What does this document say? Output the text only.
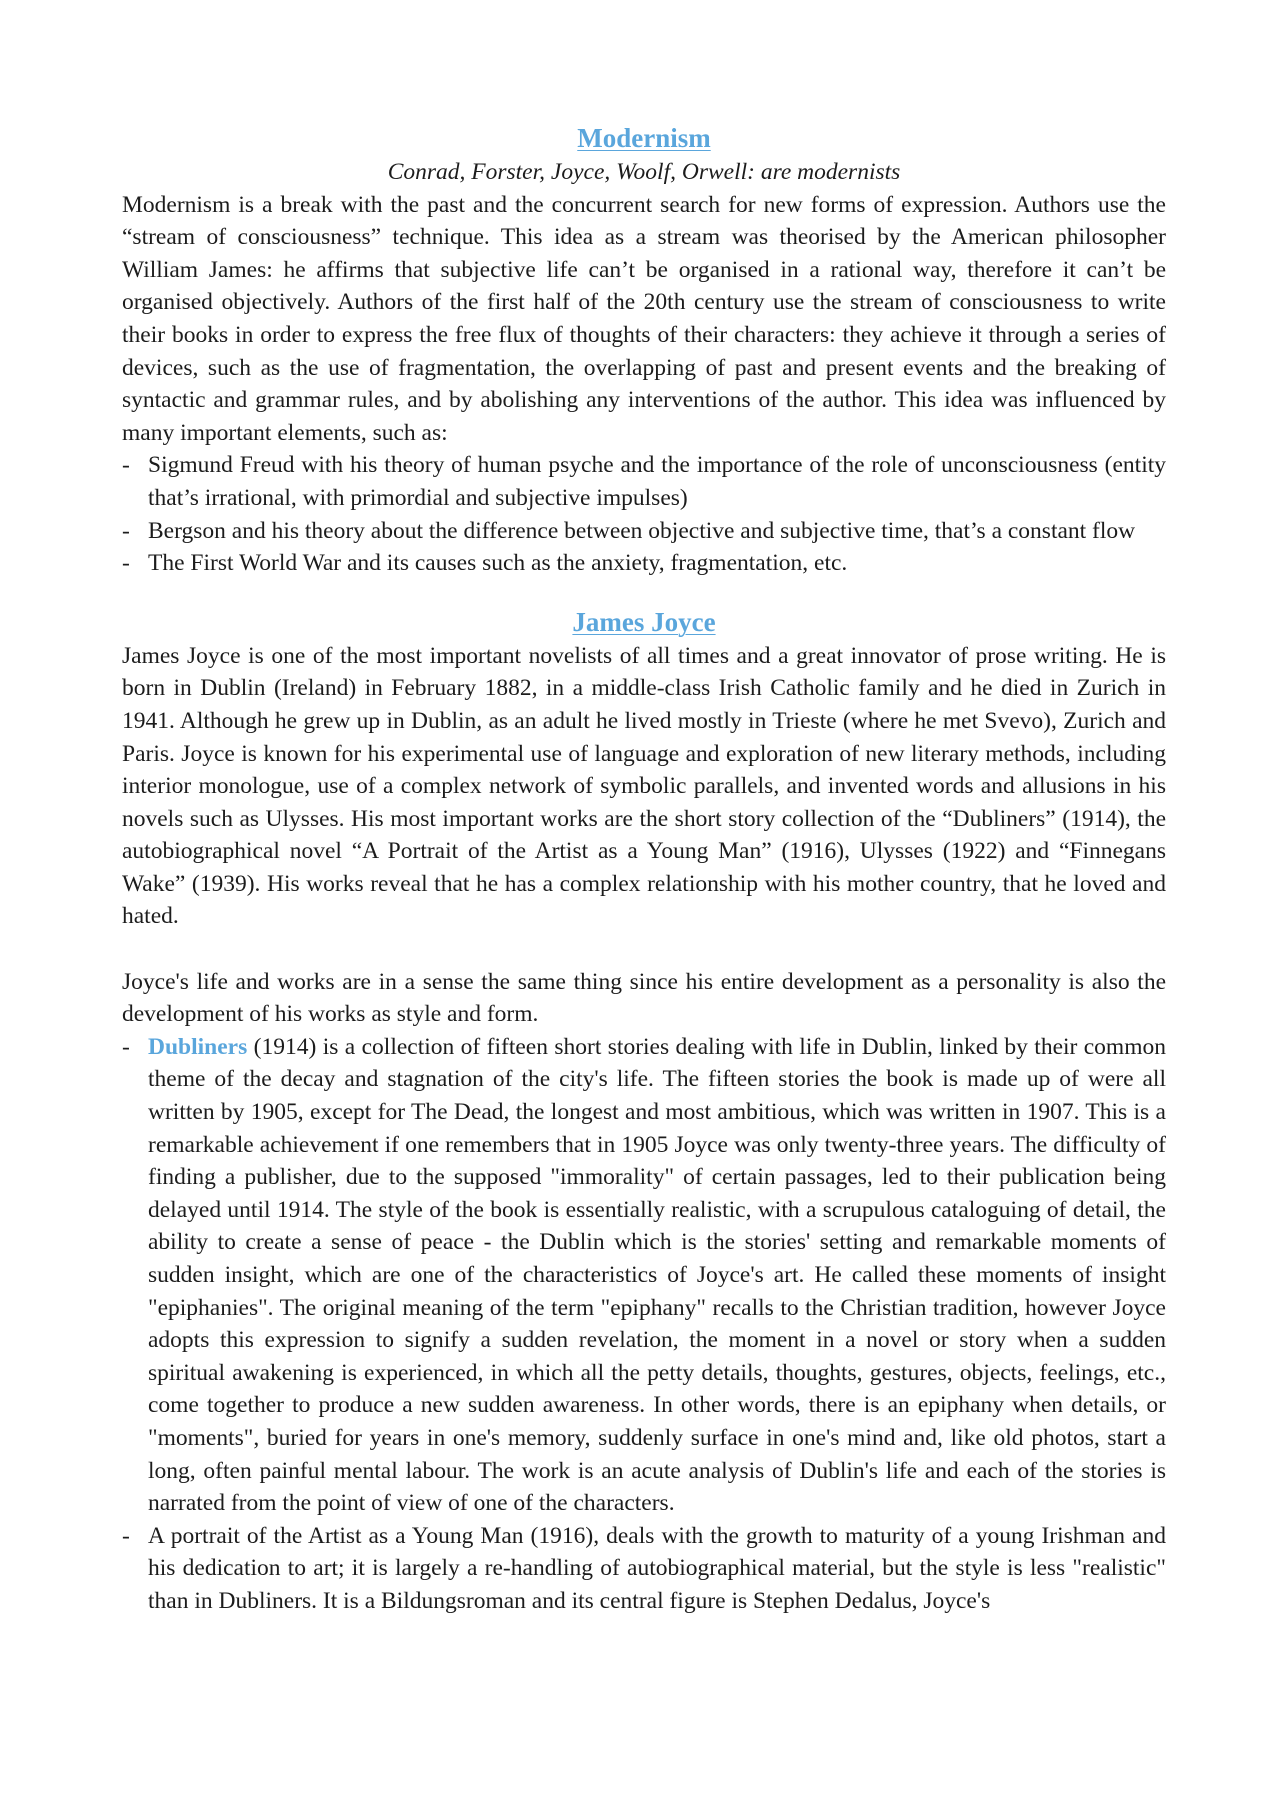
Modernism

Conrad, Forster, Joyce, Woolf, Orwell: are modernists

Modernism is a break with the past and the concurrent search for new forms of expression. Authors use the “stream of consciousness” technique. This idea as a stream was theorised by the American philosopher William James: he affirms that subjective life can’t be organised in a rational way, therefore it can’t be organised objectively. Authors of the first half of the 20th century use the stream of consciousness to write their books in order to express the free flux of thoughts of their characters: they achieve it through a series of devices, such as the use of fragmentation, the overlapping of past and present events and the breaking of syntactic and grammar rules, and by abolishing any interventions of the author. This idea was influenced by many important elements, such as:

- Sigmund Freud with his theory of human psyche and the importance of the role of unconsciousness (entity that’s irrational, with primordial and subjective impulses)
- Bergson and his theory about the difference between objective and subjective time, that’s a constant flow
- The First World War and its causes such as the anxiety, fragmentation, etc.
James Joyce

James Joyce is one of the most important novelists of all times and a great innovator of prose writing. He is born in Dublin (Ireland) in February 1882, in a middle-class Irish Catholic family and he died in Zurich in 1941. Although he grew up in Dublin, as an adult he lived mostly in Trieste (where he met Svevo), Zurich and Paris. Joyce is known for his experimental use of language and exploration of new literary methods, including interior monologue, use of a complex network of symbolic parallels, and invented words and allusions in his novels such as Ulysses. His most important works are the short story collection of the “Dubliners” (1914), the autobiographical novel “A Portrait of the Artist as a Young Man” (1916), Ulysses (1922) and “Finnegans Wake” (1939). His works reveal that he has a complex relationship with his mother country, that he loved and hated.

Joyce's life and works are in a sense the same thing since his entire development as a personality is also the development of his works as style and form.

- Dubliners (1914) is a collection of fifteen short stories dealing with life in Dublin, linked by their common theme of the decay and stagnation of the city's life. The fifteen stories the book is made up of were all written by 1905, except for The Dead, the longest and most ambitious, which was written in 1907. This is a remarkable achievement if one remembers that in 1905 Joyce was only twenty-three years. The difficulty of finding a publisher, due to the supposed "immorality" of certain passages, led to their publication being delayed until 1914. The style of the book is essentially realistic, with a scrupulous cataloguing of detail, the ability to create a sense of peace - the Dublin which is the stories' setting and remarkable moments of sudden insight, which are one of the characteristics of Joyce's art. He called these moments of insight "epiphanies". The original meaning of the term "epiphany" recalls to the Christian tradition, however Joyce adopts this expression to signify a sudden revelation, the moment in a novel or story when a sudden spiritual awakening is experienced, in which all the petty details, thoughts, gestures, objects, feelings, etc., come together to produce a new sudden awareness. In other words, there is an epiphany when details, or "moments", buried for years in one's memory, suddenly surface in one's mind and, like old photos, start a long, often painful mental labour. The work is an acute analysis of Dublin's life and each of the stories is narrated from the point of view of one of the characters.
- A portrait of the Artist as a Young Man (1916), deals with the growth to maturity of a young Irishman and his dedication to art; it is largely a re-handling of autobiographical material, but the style is less "realistic" than in Dubliners. It is a Bildungsroman and its central figure is Stephen Dedalus, Joyce's
